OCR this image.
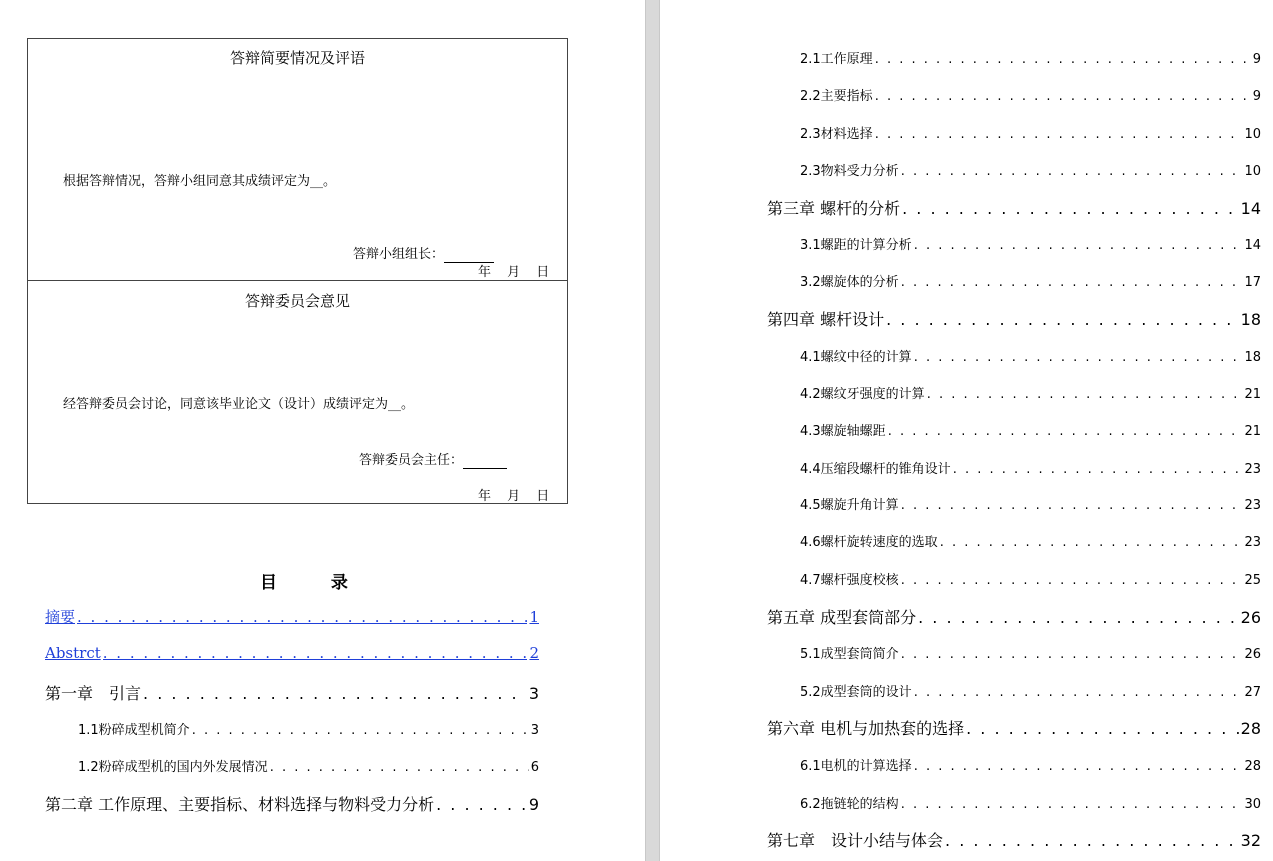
答辩简要情况及评语
根据答辩情况，答辩小组同意其成绩评定为__。
答辩小组组长：
年 月 日
答辩委员会意见
经答辩委员会讨论，同意该毕业论文（设计）成绩评定为__。
答辩委员会主任：
年 月 日
目 录
摘要 . . .	1
Abstrct . . .	2
第一章　引言 . . .	3
1.1粉碎成型机简介 . . .	3
1.2粉碎成型机的国内外发展情况 . . .	6
第二章 工作原理、主要指标、材料选择与物料受力分析 . . .	9
2.1工作原理 . . .	9
2.2主要指标 . . .	9
2.3材料选择 . . .	10
2.3物料受力分析 . . .	10
第三章 螺杆的分析 . . .	14
3.1螺距的计算分析 . . .	14
3.2螺旋体的分析 . . .	17
第四章 螺杆设计 . . .	18
4.1螺纹中径的计算 . . .	18
4.2螺纹牙强度的计算 . . .	21
4.3螺旋轴螺距 . . .	21
4.4压缩段螺杆的锥角设计 . . .	23
4.5螺旋升角计算 . . .	23
4.6螺杆旋转速度的选取 . . .	23
4.7螺杆强度校核 . . .	25
第五章 成型套筒部分 . . .	26
5.1成型套筒简介 . . .	26
5.2成型套筒的设计 . . .	27
第六章 电机与加热套的选择 . . .	28
6.1电机的计算选择 . . .	28
6.2拖链轮的结构 . . .	30
第七章　设计小结与体会 . . .	32
